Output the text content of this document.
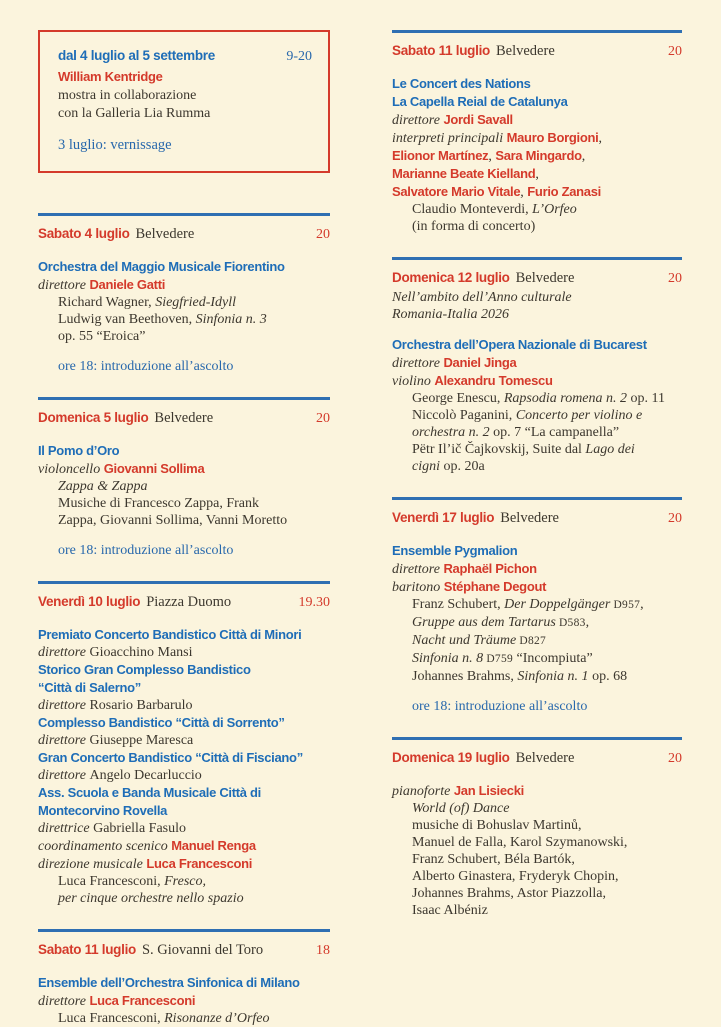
dal 4 luglio al 5 settembre	9-20
William Kentridge
mostra in collaborazione
con la Galleria Lia Rumma
3 luglio: vernissage
Sabato 4 luglio Belvedere	20
Orchestra del Maggio Musicale Fiorentino
direttore Daniele Gatti
Richard Wagner, Siegfried-Idyll
Ludwig van Beethoven, Sinfonia n. 3
op. 55 “Eroica”
ore 18: introduzione all’ascolto
Domenica 5 luglio Belvedere	20
Il Pomo d’Oro
violoncello Giovanni Sollima
Zappa & Zappa
Musiche di Francesco Zappa, Frank
Zappa, Giovanni Sollima, Vanni Moretto
ore 18: introduzione all’ascolto
Venerdì 10 luglio Piazza Duomo	19.30
Premiato Concerto Bandistico Città di Minori
direttore Gioacchino Mansi
Storico Gran Complesso Bandistico
“Città di Salerno”
direttore Rosario Barbarulo
Complesso Bandistico “Città di Sorrento”
direttore Giuseppe Maresca
Gran Concerto Bandistico “Città di Fisciano”
direttore Angelo Decarluccio
Ass. Scuola e Banda Musicale Città di
Montecorvino Rovella
direttrice Gabriella Fasulo
coordinamento scenico Manuel Renga
direzione musicale Luca Francesconi
Luca Francesconi, Fresco,
per cinque orchestre nello spazio
Sabato 11 luglio S. Giovanni del Toro	18
Ensemble dell’Orchestra Sinfonica di Milano
direttore Luca Francesconi
Luca Francesconi, Risonanze d’Orfeo
Sabato 11 luglio Belvedere	20
Le Concert des Nations
La Capella Reial de Catalunya
direttore Jordi Savall
interpreti principali Mauro Borgioni,
Elionor Martínez, Sara Mingardo,
Marianne Beate Kielland,
Salvatore Mario Vitale, Furio Zanasi
Claudio Monteverdi, L’Orfeo
(in forma di concerto)
Domenica 12 luglio Belvedere	20
Nell’ambito dell’Anno culturale
Romania-Italia 2026
Orchestra dell’Opera Nazionale di Bucarest
direttore Daniel Jinga
violino Alexandru Tomescu
George Enescu, Rapsodia romena n. 2 op. 11
Niccolò Paganini, Concerto per violino e
orchestra n. 2 op. 7 “La campanella”
Pëtr Il’ič Čajkovskij, Suite dal Lago dei
cigni op. 20a
Venerdì 17 luglio Belvedere	20
Ensemble Pygmalion
direttore Raphaël Pichon
baritono Stéphane Degout
Franz Schubert, Der Doppelgänger D957,
Gruppe aus dem Tartarus D583,
Nacht und Träume D827
Sinfonia n. 8 D759 “Incompiuta”
Johannes Brahms, Sinfonia n. 1 op. 68
ore 18: introduzione all’ascolto
Domenica 19 luglio Belvedere	20
pianoforte Jan Lisiecki
World (of) Dance
musiche di Bohuslav Martinů,
Manuel de Falla, Karol Szymanowski,
Franz Schubert, Béla Bartók,
Alberto Ginastera, Fryderyk Chopin,
Johannes Brahms, Astor Piazzolla,
Isaac Albéniz
